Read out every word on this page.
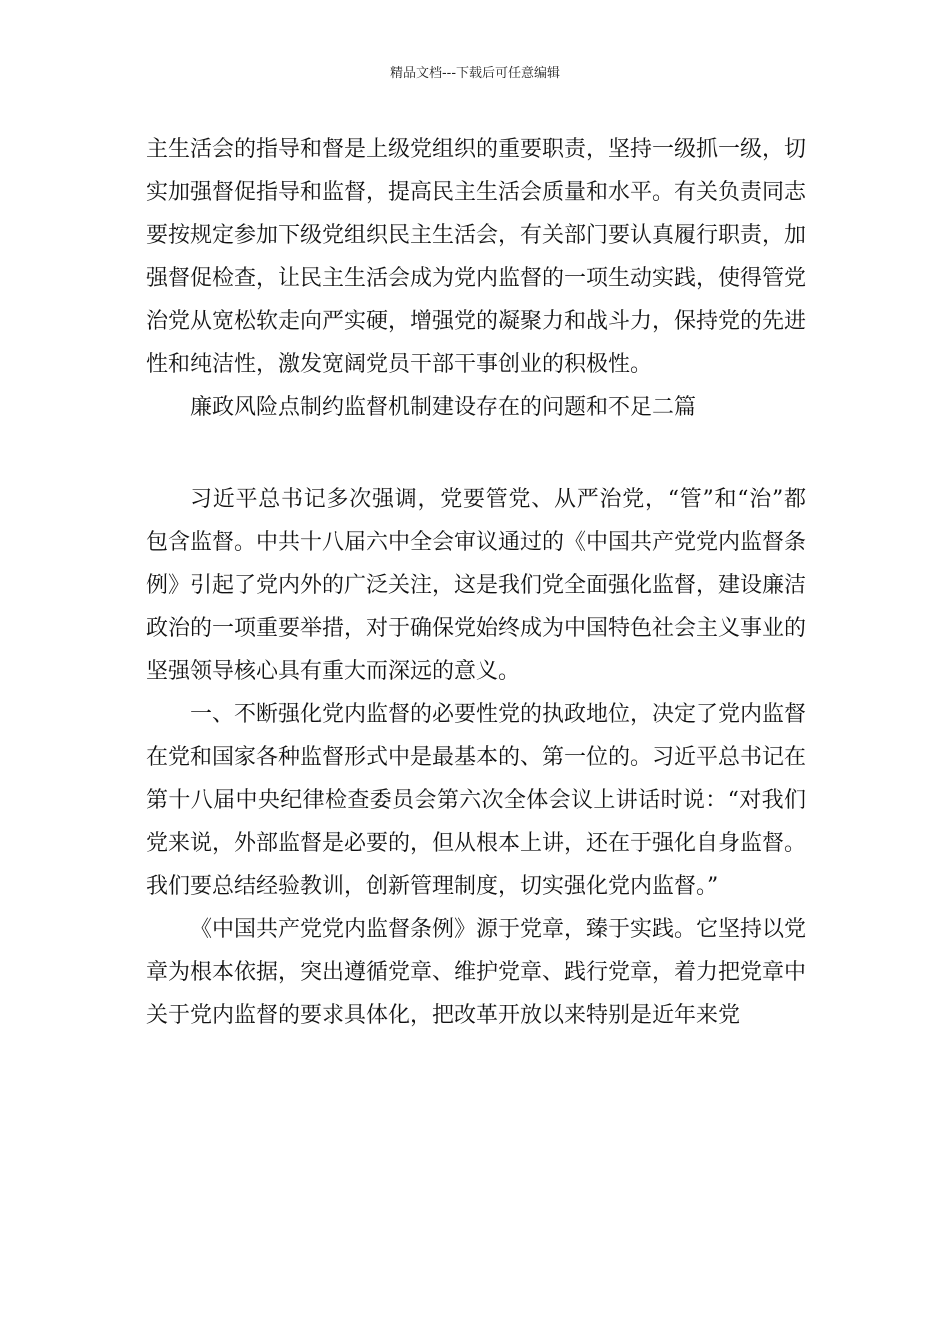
精品文档---下载后可任意编辑

主生活会的指导和督是上级党组织的重要职责，坚持一级抓一级，切实加强督促指导和监督，提高民主生活会质量和水平。有关负责同志要按规定参加下级党组织民主生活会，有关部门要认真履行职责，加强督促检查，让民主生活会成为党内监督的一项生动实践，使得管党治党从宽松软走向严实硬，增强党的凝聚力和战斗力，保持党的先进性和纯洁性，激发宽阔党员干部干事创业的积极性。

廉政风险点制约监督机制建设存在的问题和不足二篇

习近平总书记多次强调，党要管党、从严治党，“管”和“治”都包含监督。中共十八届六中全会审议通过的《中国共产党党内监督条例》引起了党内外的广泛关注，这是我们党全面强化监督，建设廉洁政治的一项重要举措，对于确保党始终成为中国特色社会主义事业的坚强领导核心具有重大而深远的意义。

一、不断强化党内监督的必要性党的执政地位，决定了党内监督在党和国家各种监督形式中是最基本的、第一位的。习近平总书记在第十八届中央纪律检查委员会第六次全体会议上讲话时说：“对我们党来说，外部监督是必要的，但从根本上讲，还在于强化自身监督。我们要总结经验教训，创新管理制度，切实强化党内监督。”

《中国共产党党内监督条例》源于党章，臻于实践。它坚持以党章为根本依据，突出遵循党章、维护党章、践行党章，着力把党章中关于党内监督的要求具体化，把改革开放以来特别是近年来党
